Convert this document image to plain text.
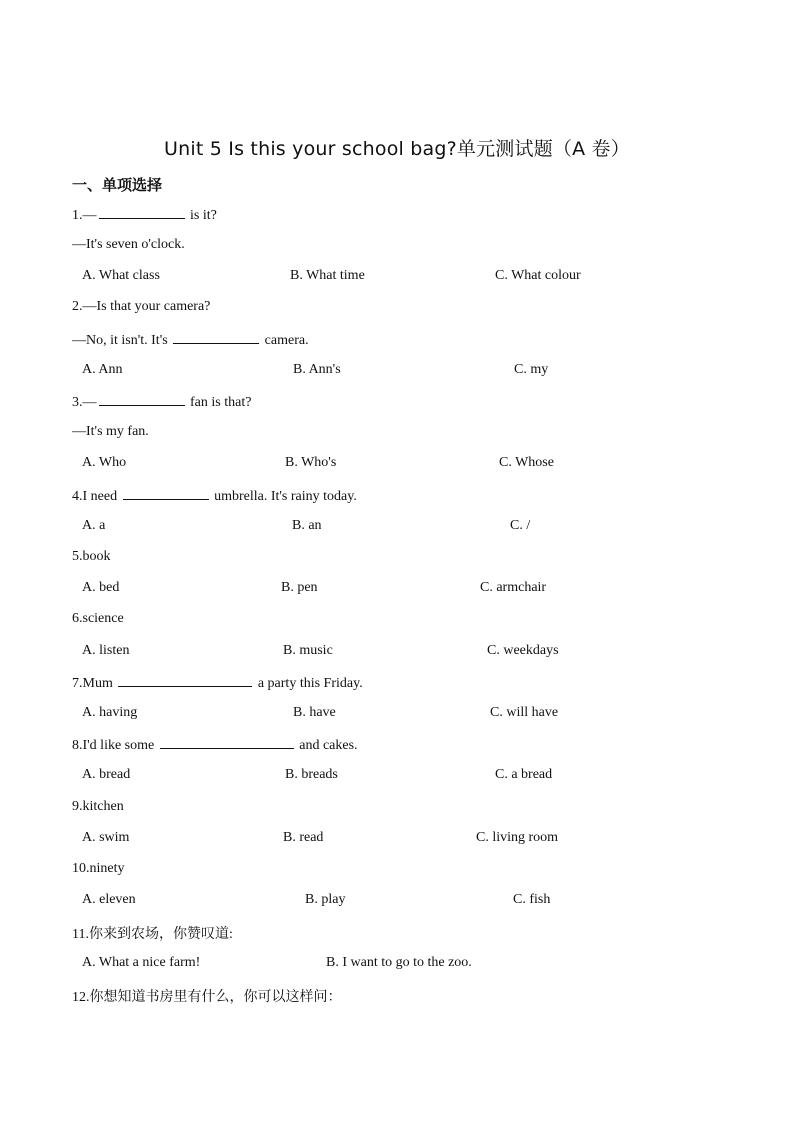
Unit 5 Is this your school bag?单元测试题（A 卷）
一、单项选择
1.—	is it?
—It's seven o'clock.
A. What class	B. What time	C. What colour
2.—Is that your camera?
—No, it isn't. It's	camera.
A. Ann	B. Ann's	C. my
3.—	fan is that?
—It's my fan.
A. Who	B. Who's	C. Whose
4.I need	umbrella. It's rainy today.
A. a	B. an	C. /
5.book
A. bed	B. pen	C. armchair
6.science
A. listen	B. music	C. weekdays
7.Mum	a party this Friday.
A. having	B. have	C. will have
8.I'd like some	and cakes.
A. bread	B. breads	C. a bread
9.kitchen
A. swim	B. read	C. living room
10.ninety
A. eleven	B. play	C. fish
11.你来到农场，你赞叹道:
A. What a nice farm!	B. I want to go to the zoo.
12.你想知道书房里有什么，你可以这样问：
